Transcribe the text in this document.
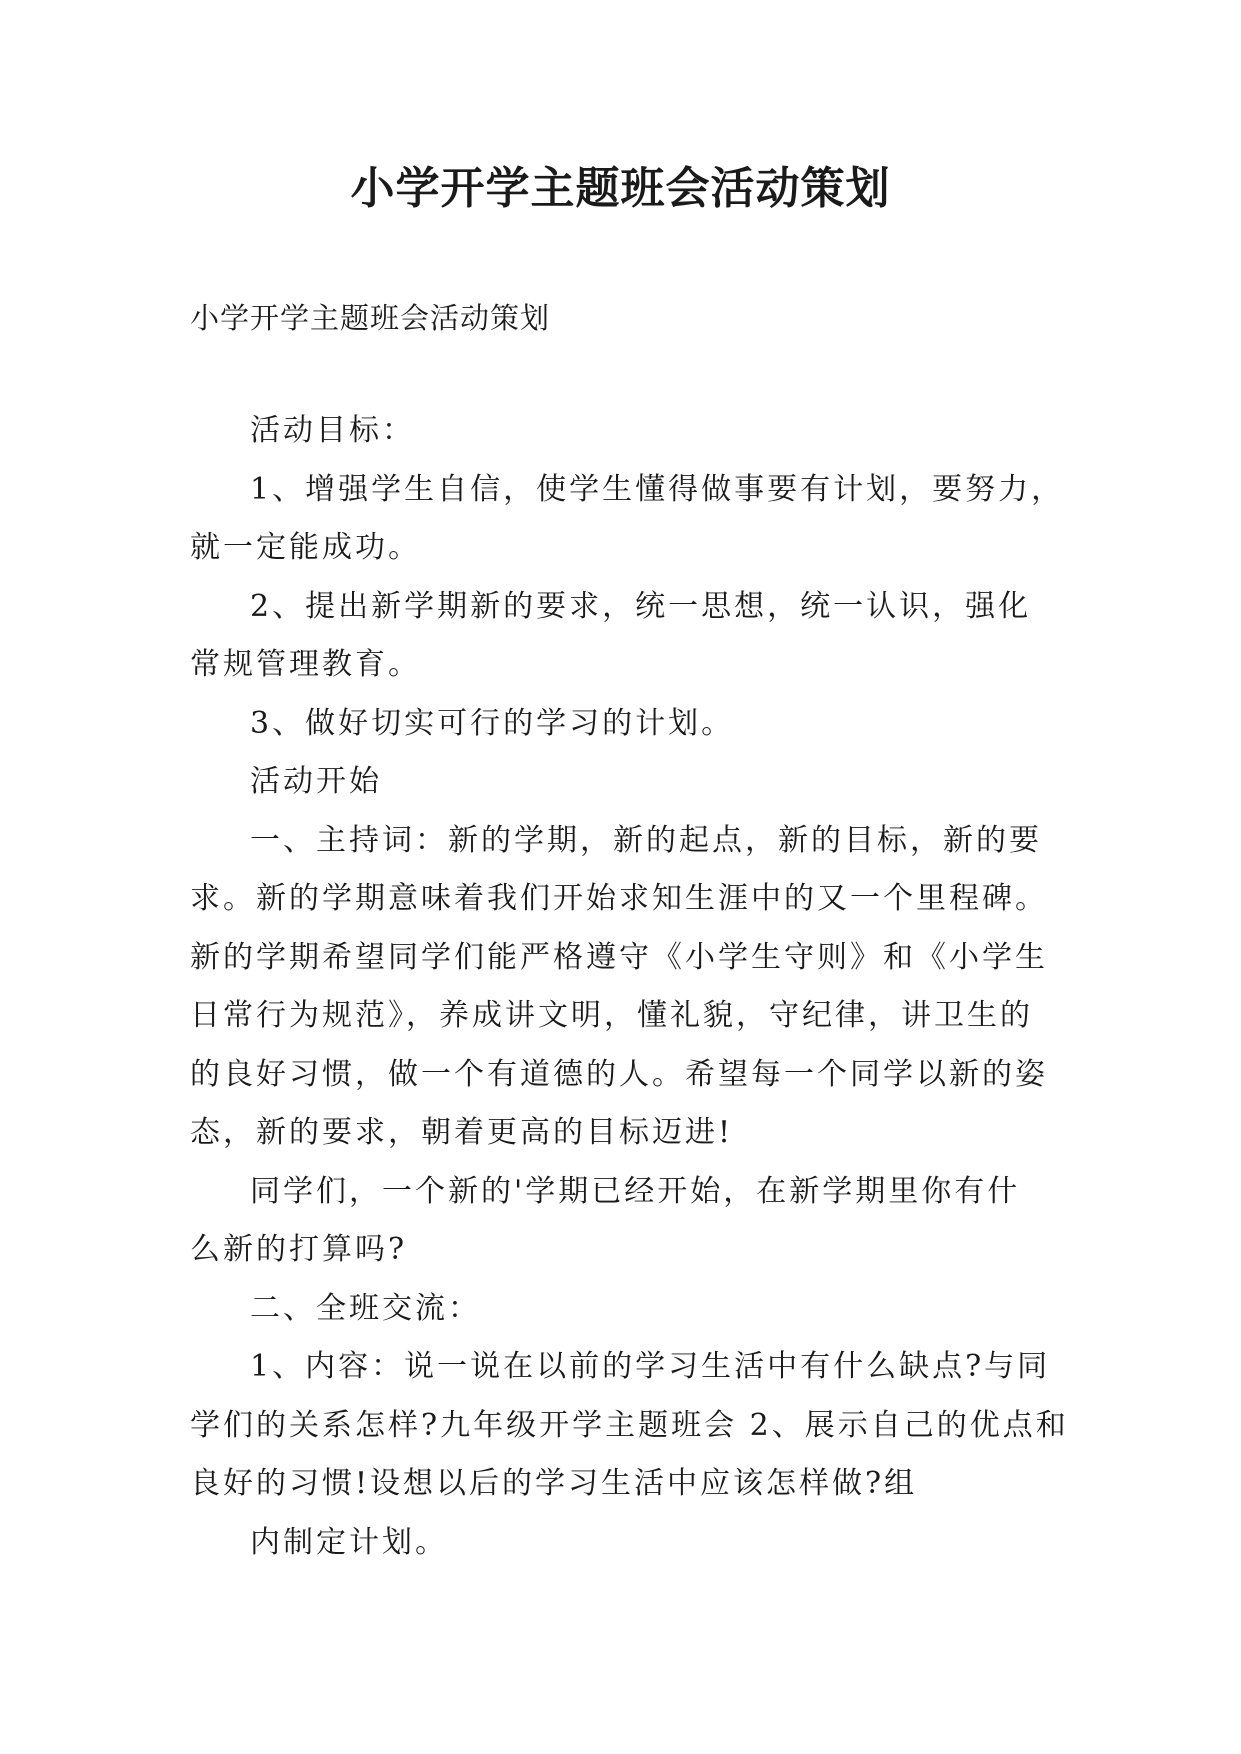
小学开学主题班会活动策划

小学开学主题班会活动策划

活动目标：

1、增强学生自信，使学生懂得做事要有计划，要努力，
就一定能成功。

2、提出新学期新的要求，统一思想，统一认识，强化
常规管理教育。

3、做好切实可行的学习的计划。

活动开始

一、主持词：新的学期，新的起点，新的目标，新的要
求。新的学期意味着我们开始求知生涯中的又一个里程碑。
新的学期希望同学们能严格遵守《小学生守则》和《小学生
日常行为规范》，养成讲文明，懂礼貌，守纪律，讲卫生的
的良好习惯，做一个有道德的人。希望每一个同学以新的姿
态，新的要求，朝着更高的目标迈进!

同学们，一个新的'学期已经开始，在新学期里你有什
么新的打算吗?

二、全班交流：

1、内容：说一说在以前的学习生活中有什么缺点?与同
学们的关系怎样?九年级开学主题班会 2、展示自己的优点和
良好的习惯!设想以后的学习生活中应该怎样做?组

内制定计划。
